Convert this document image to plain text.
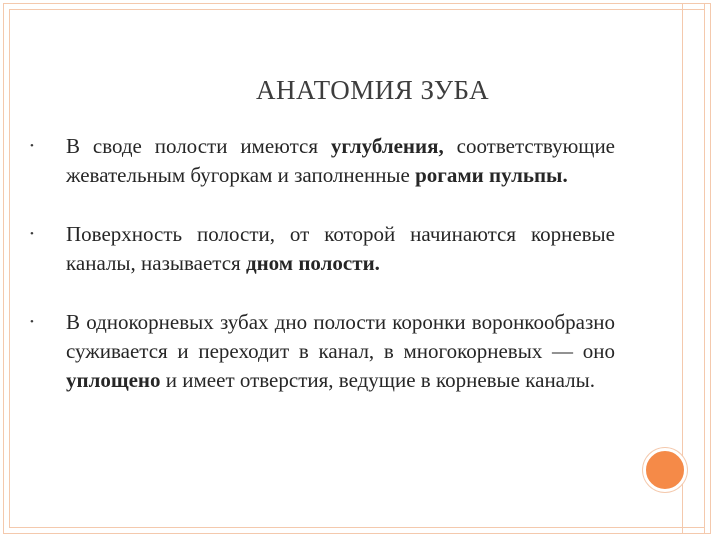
АНАТОМИЯ ЗУБА
• В своде полости имеются углубления, соответствующие жевательным бугоркам и заполненные рогами пульпы.
• Поверхность полости, от которой начинаются корневые каналы, называется дном полости.
• В однокорневых зубах дно полости коронки воронкообразно суживается и переходит в канал, в многокорневых — оно уплощено и имеет отверстия, ведущие в корневые каналы.
